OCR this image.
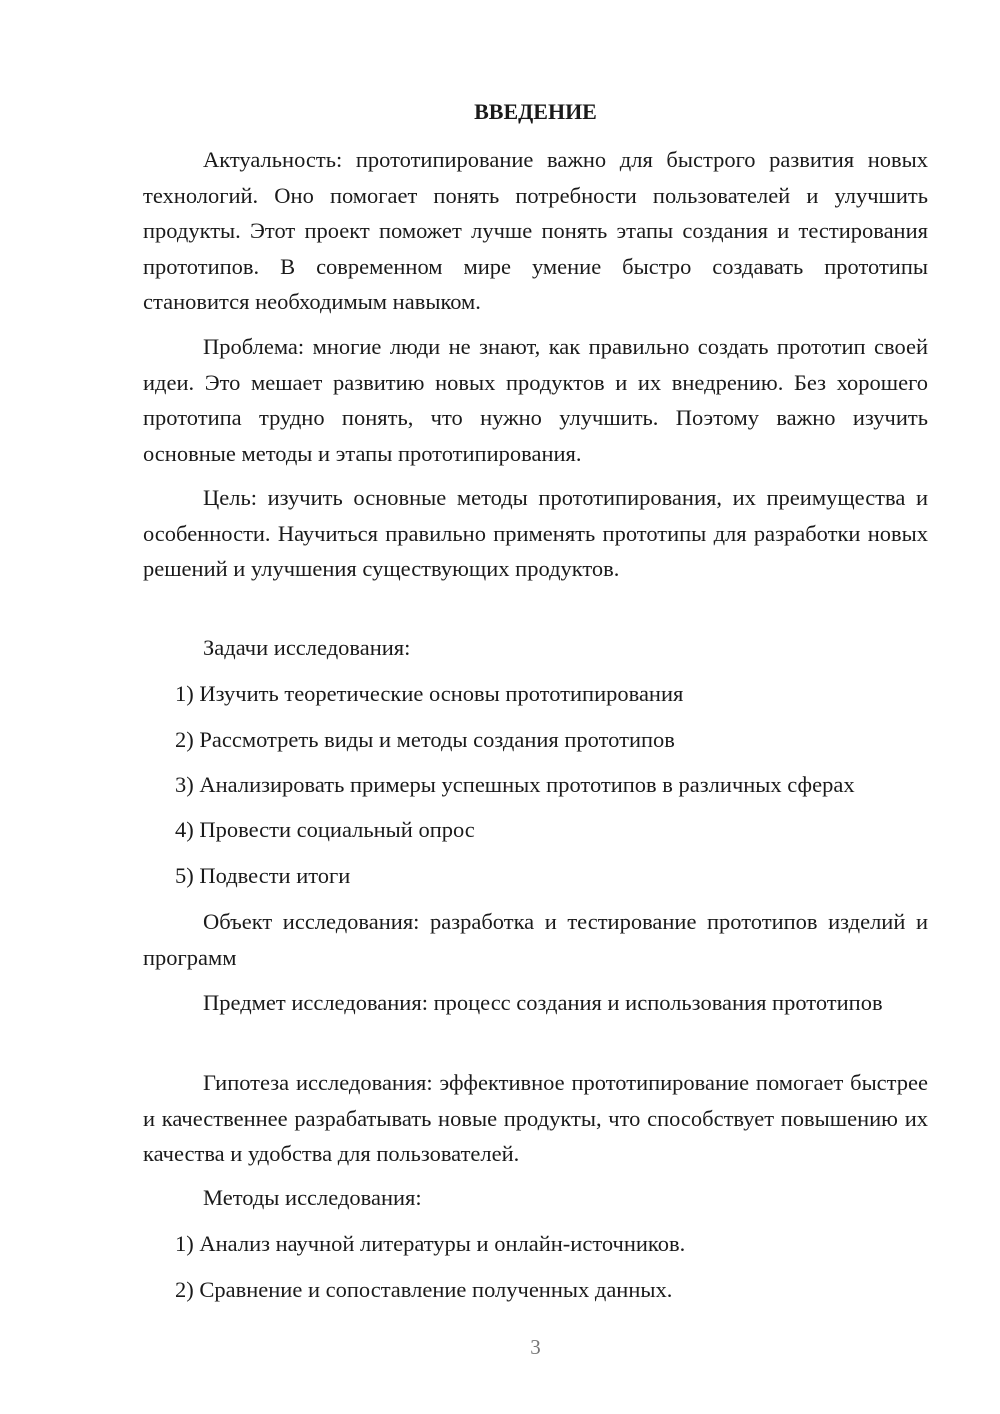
ВВЕДЕНИЕ

Актуальность: прототипирование важно для быстрого развития новых технологий. Оно помогает понять потребности пользователей и улучшить продукты. Этот проект поможет лучше понять этапы создания и тестирования прототипов. В современном мире умение быстро создавать прототипы становится необходимым навыком.

Проблема: многие люди не знают, как правильно создать прототип своей идеи. Это мешает развитию новых продуктов и их внедрению. Без хорошего прототипа трудно понять, что нужно улучшить. Поэтому важно изучить основные методы и этапы прототипирования.

Цель: изучить основные методы прототипирования, их преимущества и особенности. Научиться правильно применять прототипы для разработки новых решений и улучшения существующих продуктов.

Задачи исследования:

1) Изучить теоретические основы прототипирования

2) Рассмотреть виды и методы создания прототипов

3) Анализировать примеры успешных прототипов в различных сферах

4) Провести социальный опрос

5) Подвести итоги

Объект исследования: разработка и тестирование прототипов изделий и программ

Предмет исследования: процесс создания и использования прототипов

Гипотеза исследования: эффективное прототипирование помогает быстрее и качественнее разрабатывать новые продукты, что способствует повышению их качества и удобства для пользователей.

Методы исследования:

1) Анализ научной литературы и онлайн-источников.

2) Сравнение и сопоставление полученных данных.

3
